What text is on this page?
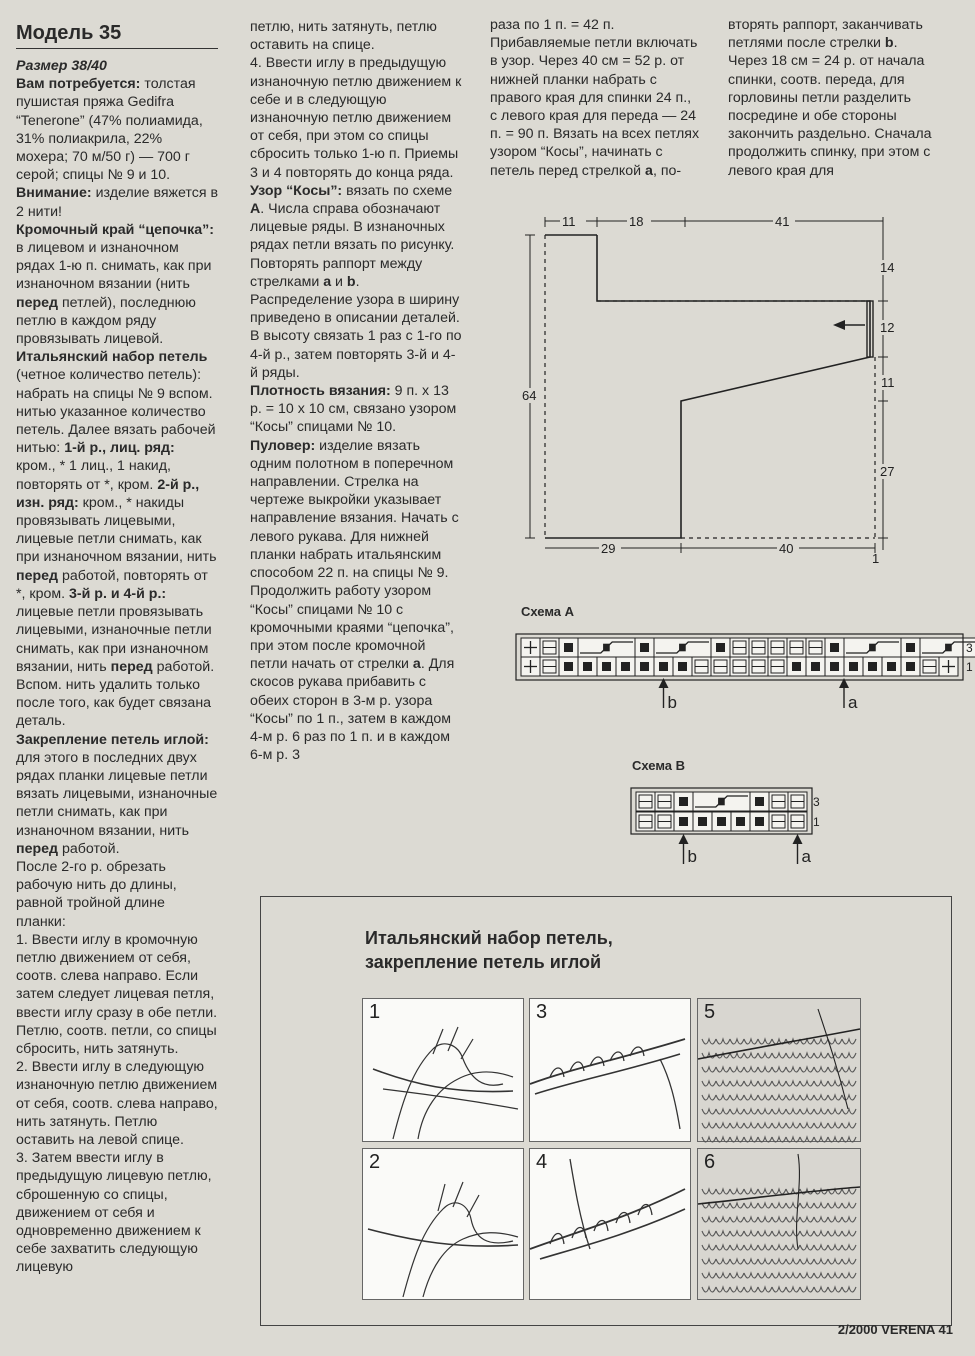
Модель 35

Размер 38/40

Вам потребуется: толстая пушистая пряжа Gedifra “Tenerone” (47% полиамида, 31% полиакрила, 22% мохера; 70 м/50 г) — 700 г серой; спицы № 9 и 10.

Внимание: изделие вяжется в 2 нити!

Кромочный край “цепочка”: в лицевом и изнаночном рядах 1-ю п. снимать, как при изнаночном вязании (нить перед петлей), последнюю петлю в каждом ряду провязывать лицевой.

Итальянский набор петель (четное количество петель): набрать на спицы № 9 вспом. нитью указанное количество петель. Далее вязать рабочей нитью: 1-й р., лиц. ряд: кром., * 1 лиц., 1 накид, повторять от *, кром. 2-й р., изн. ряд: кром., * накиды провязывать лицевыми, лицевые петли снимать, как при изнаночном вязании, нить перед работой, повторять от *, кром. 3-й р. и 4-й р.: лицевые петли провязывать лицевыми, изнаночные петли снимать, как при изнаночном вязании, нить перед работой. Вспом. нить удалить только после того, как будет связана деталь.

Закрепление петель иглой: для этого в последних двух рядах планки лицевые петли вязать лицевыми, изнаночные петли снимать, как при изнаночном вязании, нить перед работой.

После 2-го р. обрезать рабочую нить до длины, равной тройной длине планки:

1. Ввести иглу в кромочную петлю движением от себя, соотв. слева направо. Если затем следует лицевая петля, ввести иглу сразу в обе петли. Петлю, соотв. петли, со спицы сбросить, нить затянуть.

2. Ввести иглу в следующую изнаночную петлю движением от себя, соотв. слева направо, нить затянуть. Петлю оставить на левой спице.

3. Затем ввести иглу в предыдущую лицевую петлю, сброшенную со спицы, движением от себя и одновременно движением к себе захватить следующую лицевую

петлю, нить затянуть, петлю оставить на спице.

4. Ввести иглу в предыдущую изнаночную петлю движением к себе и в следующую изнаночную петлю движением от себя, при этом со спицы сбросить только 1-ю п. Приемы 3 и 4 повторять до конца ряда.

Узор “Косы”: вязать по схеме А. Числа справа обозначают лицевые ряды. В изнаночных рядах петли вязать по рисунку. Повторять раппорт между стрелками а и b. Распределение узора в ширину приведено в описании деталей. В высоту связать 1 раз с 1-го по 4-й р., затем повторять 3-й и 4-й ряды.

Плотность вязания: 9 п. х 13 р. = 10 х 10 см, связано узором “Косы” спицами № 10.

Пуловер: изделие вязать одним полотном в поперечном направлении. Стрелка на чертеже выкройки указывает направление вязания. Начать с левого рукава. Для нижней планки набрать итальянским способом 22 п. на спицы № 9. Продолжить работу узором “Косы” спицами № 10 с кромочными краями “цепочка”, при этом после кромочной петли начать от стрелки а. Для скосов рукава прибавить с обеих сторон в 3-м р. узора “Косы” по 1 п., затем в каждом 4-м р. 6 раз по 1 п. и в каждом 6-м р. 3

раза по 1 п. = 42 п. Прибавляемые петли включать в узор. Через 40 см = 52 р. от нижней планки набрать с правого края для спинки 24 п., с левого края для переда — 24 п. = 90 п. Вязать на всех петлях узором “Косы”, начинать с петель перед стрелкой а, по-

вторять раппорт, заканчивать петлями после стрелки b. Через 18 см = 24 р. от начала спинки, соотв. переда, для горловины петли разделить посредине и обе стороны закончить раздельно. Сначала продолжить спинку, при этом с левого края для

11	18	41
14
12
11
27
64
29	40
1
Схема А
3
1
b	a
Схема В
3
1
b	a
Итальянский набор петель,
закрепление петель иглой
1
2
3
4
5
6
2/2000 VERENA 41
